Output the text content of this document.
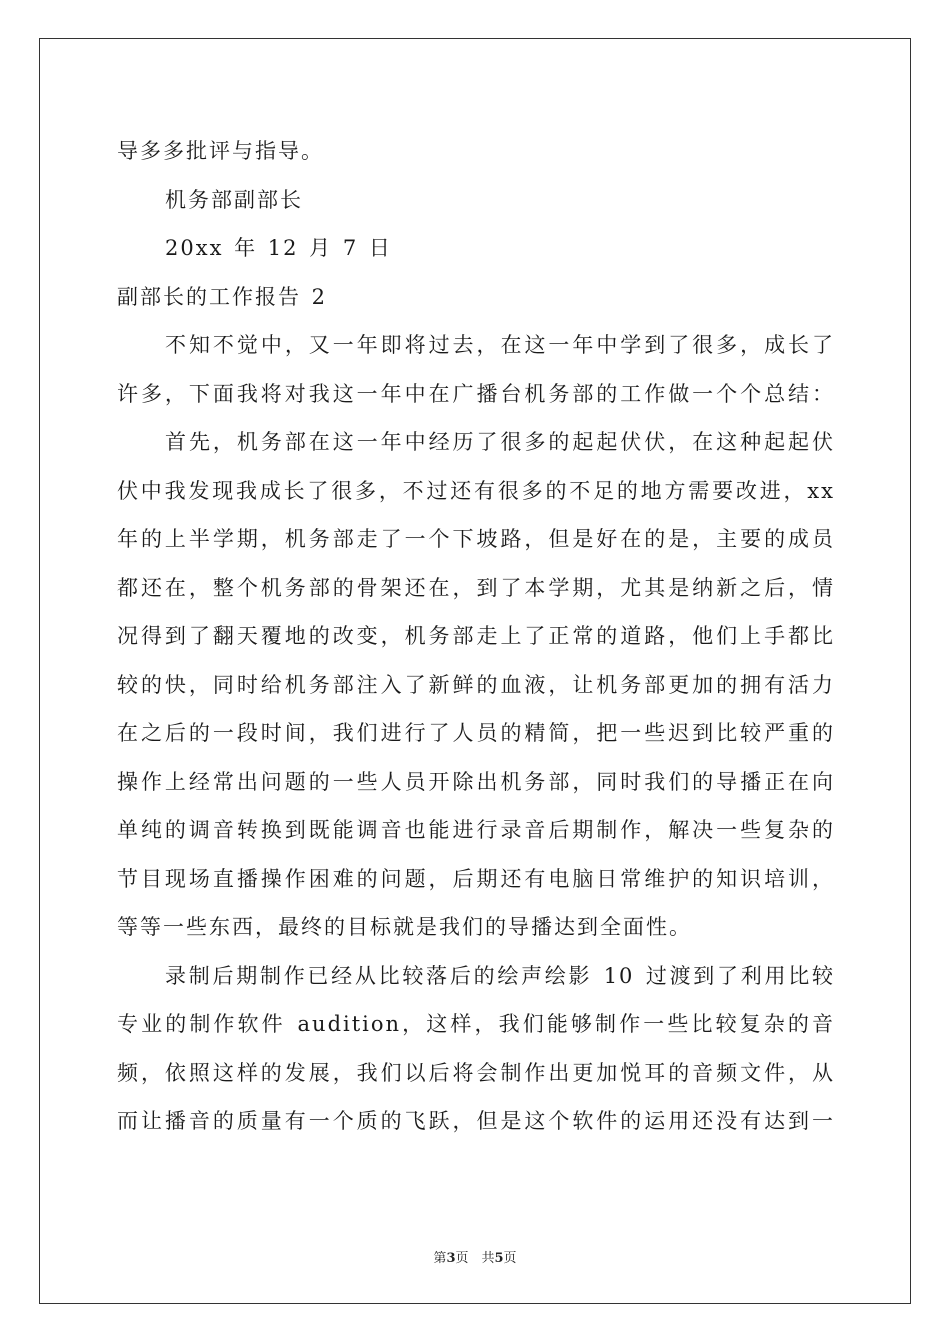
导多多批评与指导。
机务部副部长
20xx 年 12 月 7 日
副部长的工作报告 2
不知不觉中，又一年即将过去，在这一年中学到了很多，成长了
许多，下面我将对我这一年中在广播台机务部的工作做一个个总结：
首先，机务部在这一年中经历了很多的起起伏伏，在这种起起伏
伏中我发现我成长了很多，不过还有很多的不足的地方需要改进，xx
年的上半学期，机务部走了一个下坡路，但是好在的是，主要的成员
都还在，整个机务部的骨架还在，到了本学期，尤其是纳新之后，情
况得到了翻天覆地的改变，机务部走上了正常的道路，他们上手都比
较的快，同时给机务部注入了新鲜的血液，让机务部更加的拥有活力
在之后的一段时间，我们进行了人员的精简，把一些迟到比较严重的
操作上经常出问题的一些人员开除出机务部，同时我们的导播正在向
单纯的调音转换到既能调音也能进行录音后期制作，解决一些复杂的
节目现场直播操作困难的问题，后期还有电脑日常维护的知识培训，
等等一些东西，最终的目标就是我们的导播达到全面性。
录制后期制作已经从比较落后的绘声绘影 10 过渡到了利用比较
专业的制作软件 audition，这样，我们能够制作一些比较复杂的音
频，依照这样的发展，我们以后将会制作出更加悦耳的音频文件，从
而让播音的质量有一个质的飞跃，但是这个软件的运用还没有达到一
第3页　共5页
